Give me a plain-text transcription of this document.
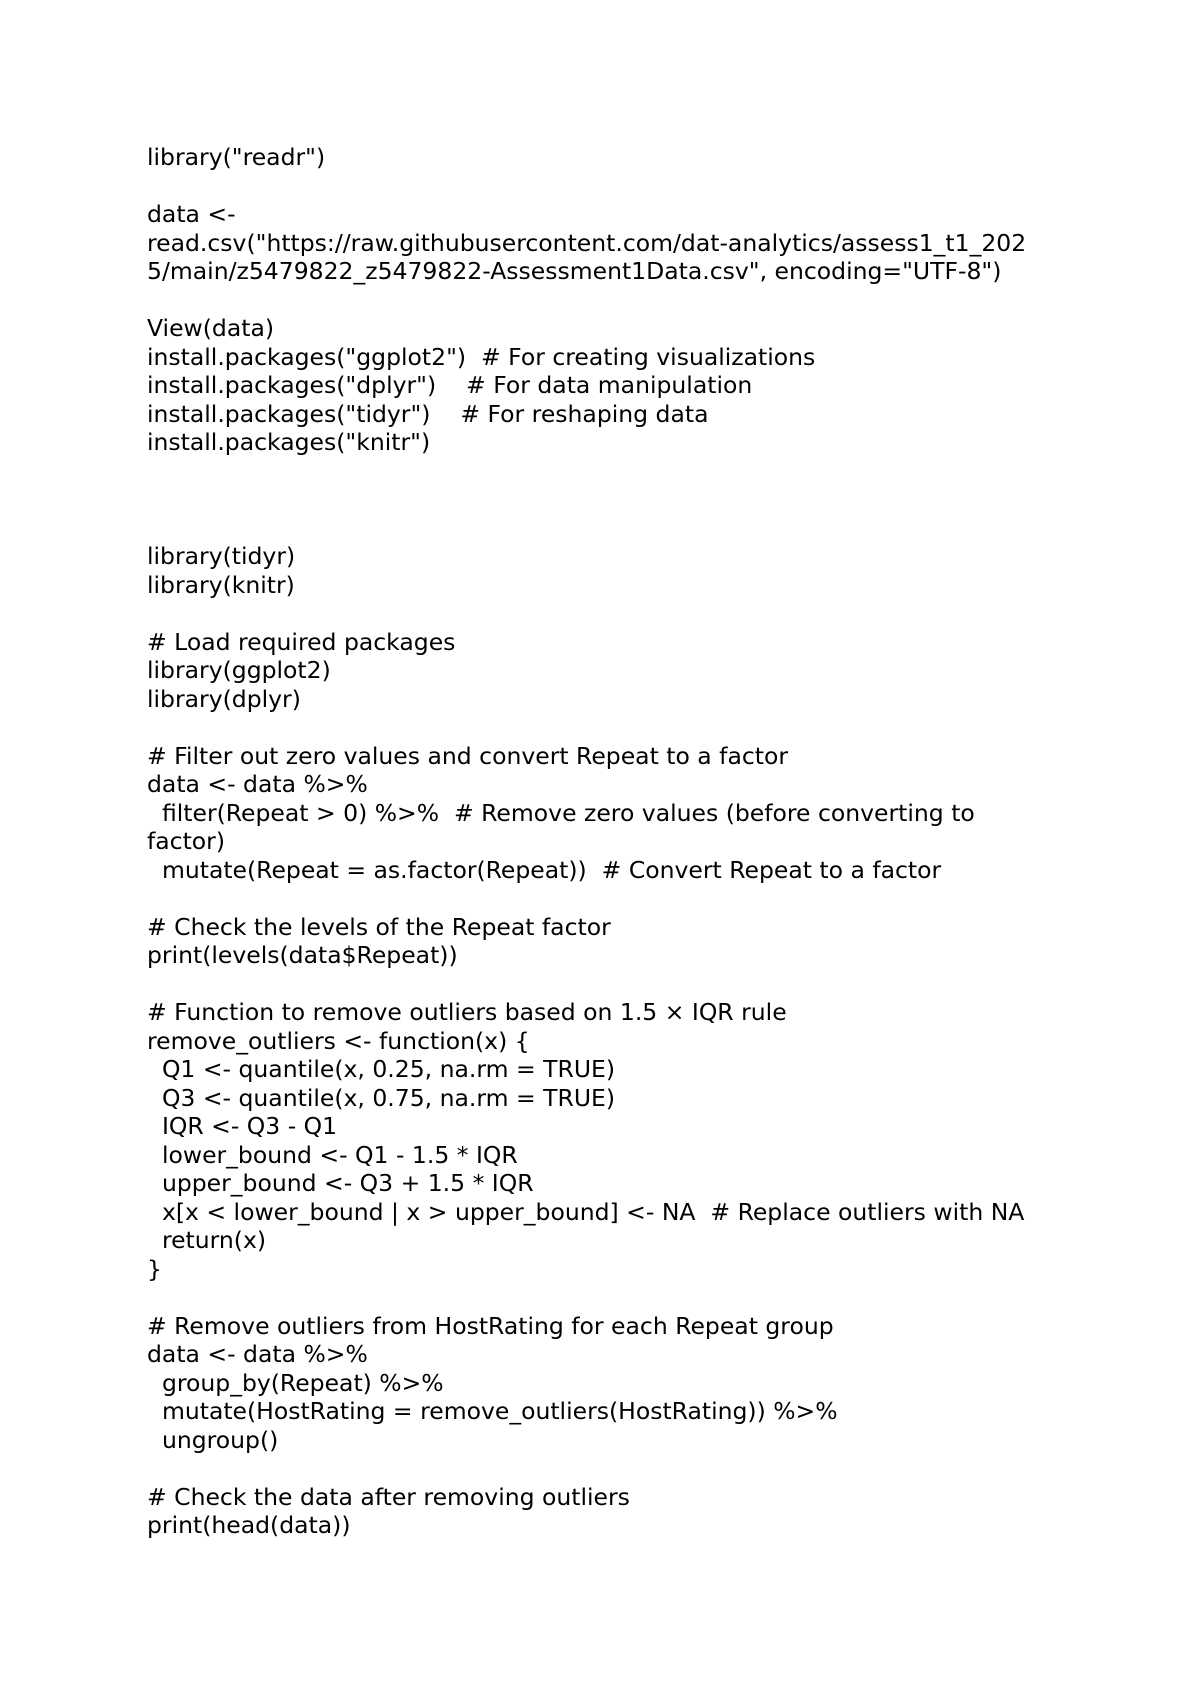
library("readr")
data <-
read.csv("https://raw.githubusercontent.com/dat-analytics/assess1_t1_202
5/main/z5479822_z5479822-Assessment1Data.csv", encoding="UTF-8")
View(data)
install.packages("ggplot2")  # For creating visualizations
install.packages("dplyr")    # For data manipulation
install.packages("tidyr")    # For reshaping data
install.packages("knitr")
library(tidyr)
library(knitr)
# Load required packages
library(ggplot2)
library(dplyr)
# Filter out zero values and convert Repeat to a factor
data <- data %>%
filter(Repeat > 0) %>%  # Remove zero values (before converting to
factor)
mutate(Repeat = as.factor(Repeat))  # Convert Repeat to a factor
# Check the levels of the Repeat factor
print(levels(data$Repeat))
# Function to remove outliers based on 1.5 × IQR rule
remove_outliers <- function(x) {
Q1 <- quantile(x, 0.25, na.rm = TRUE)
Q3 <- quantile(x, 0.75, na.rm = TRUE)
IQR <- Q3 - Q1
lower_bound <- Q1 - 1.5 * IQR
upper_bound <- Q3 + 1.5 * IQR
x[x < lower_bound | x > upper_bound] <- NA  # Replace outliers with NA
return(x)
}
# Remove outliers from HostRating for each Repeat group
data <- data %>%
group_by(Repeat) %>%
mutate(HostRating = remove_outliers(HostRating)) %>%
ungroup()
# Check the data after removing outliers
print(head(data))
